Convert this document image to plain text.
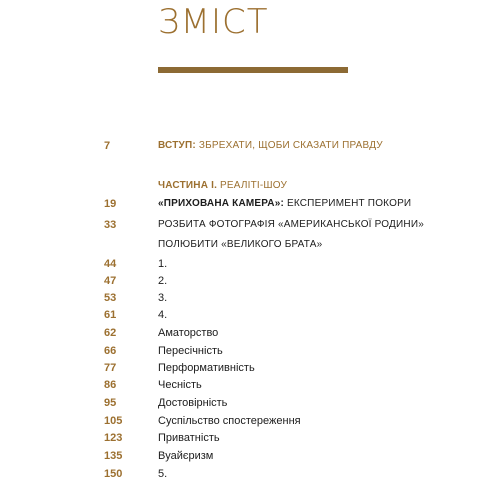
ЗМІСТ
7	ВСТУП: ЗБРЕХАТИ, ЩОБИ СКАЗАТИ ПРАВДУ
ЧАСТИНА І. РЕАЛІТІ-ШОУ
19	«ПРИХОВАНА КАМЕРА»: ЕКСПЕРИМЕНТ ПОКОРИ
33	РОЗБИТА ФОТОГРАФІЯ «АМЕРИКАНСЬКОЇ РОДИНИ»
ПОЛЮБИТИ «ВЕЛИКОГО БРАТА»
44	1.
47	2.
53	3.
61	4.
62	Аматорство
66	Пересічність
77	Перформативність
86	Чесність
95	Достовірність
105	Суспільство спостереження
123	Приватність
135	Вуайєризм
150	5.
